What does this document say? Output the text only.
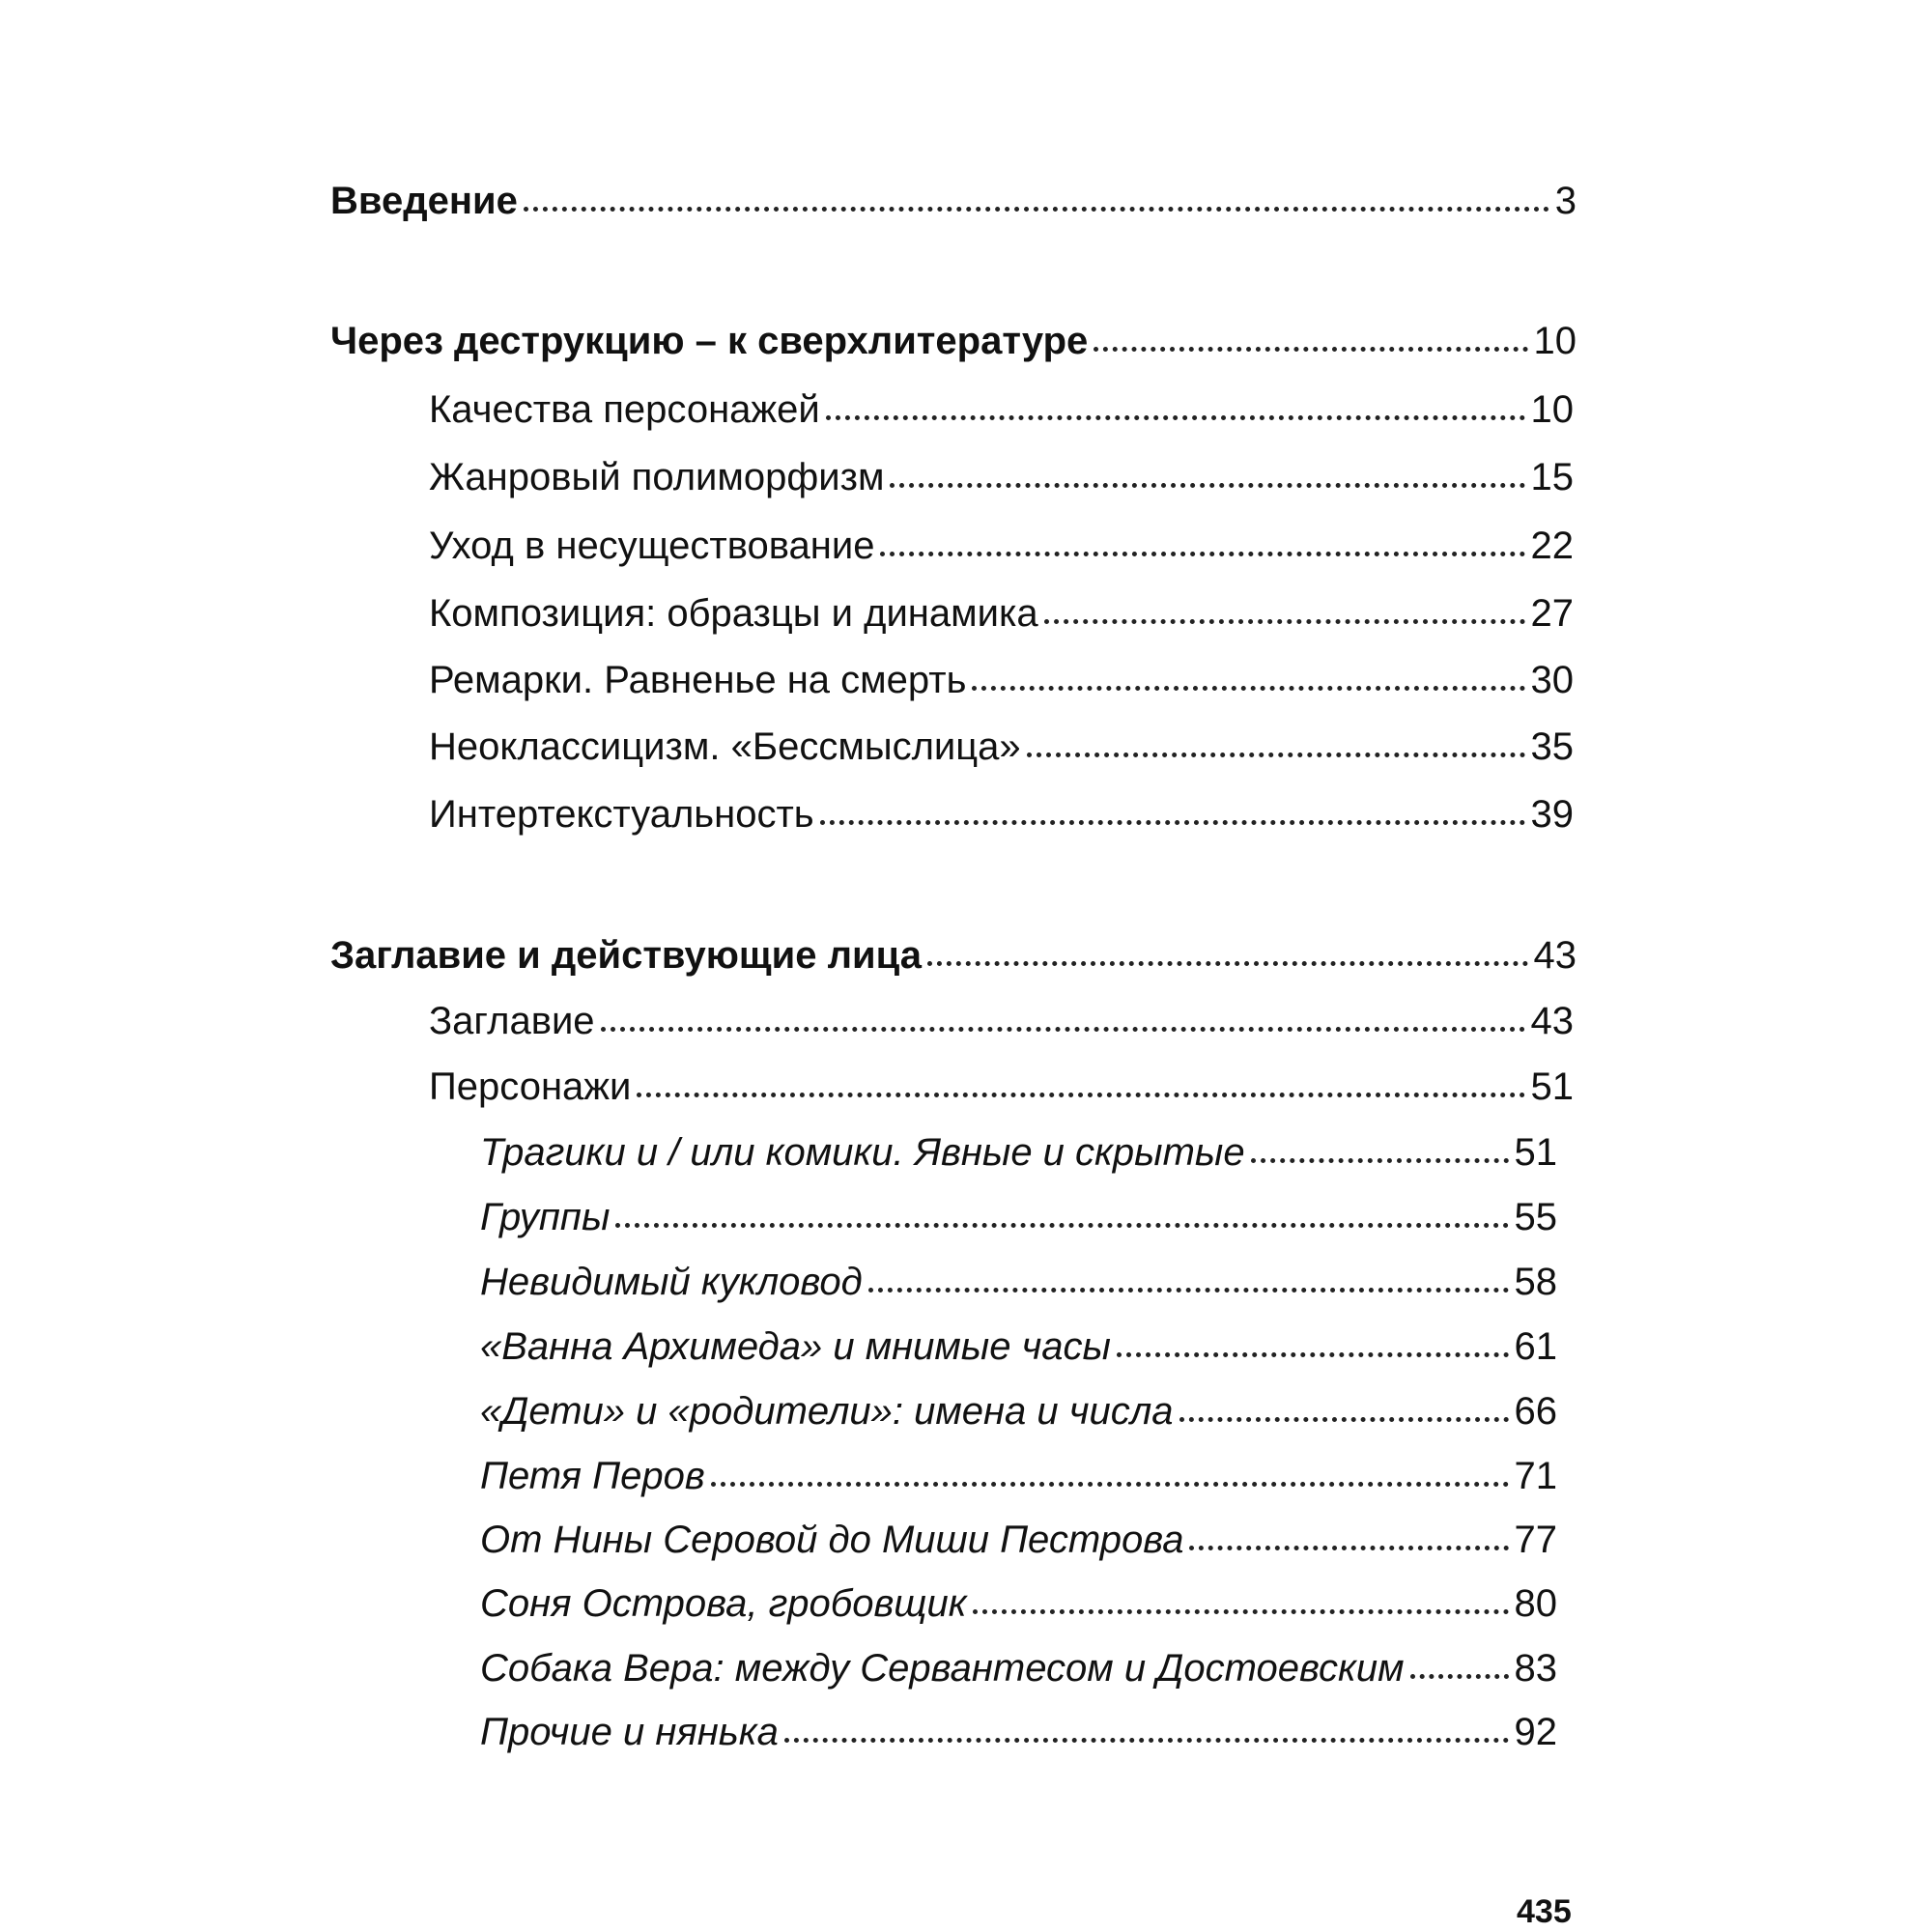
Введение	3
Через деструкцию – к сверхлитературе	10
Качества персонажей	10
Жанровый полиморфизм	15
Уход в несуществование	22
Композиция: образцы и динамика	27
Ремарки. Равненье на смерть	30
Неоклассицизм. «Бессмыслица»	35
Интертекстуальность	39
Заглавие и действующие лица	43
Заглавие	43
Персонажи	51
Трагики и / или комики. Явные и скрытые	51
Группы	55
Невидимый кукловод	58
«Ванна Архимеда» и мнимые часы	61
«Дети» и «родители»: имена и числа	66
Петя Перов	71
От Нины Серовой до Миши Пестрова	77
Соня Острова, гробовщик	80
Собака Вера: между Сервантесом и Достоевским	83
Прочие и нянька	92
435
